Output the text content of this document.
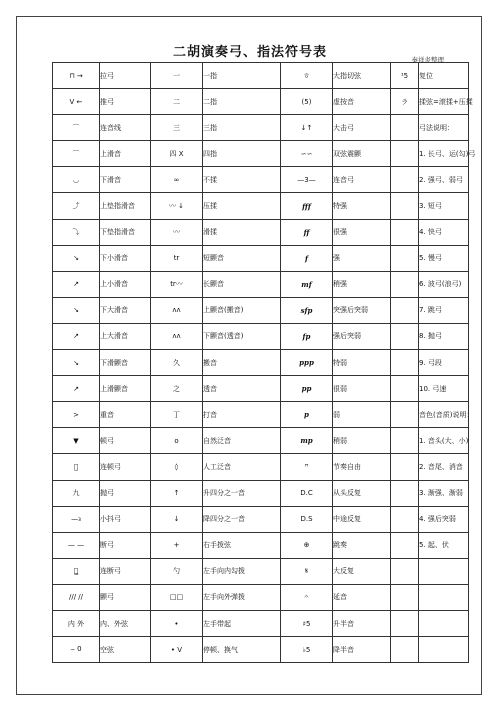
二胡演奏弓、指法符号表	秦祥炎整理
⊓ →	拉弓	一	一指	ㅎ	大指切弦	¹5	复位
V ←	推弓	二	二指	(5)	虚按音	ラ	揉弦=滚揉+压揉
⌒	连音线	三	三指	↓↑	大击弓		弓法说明：
⌒	上滑音	四 X	四指	∽∽	双弦震颤		1. 长弓、运(勾)弓
◡	下滑音	∞	不揉	—3—	连音弓		2. 强弓、弱弓
⤴	上垫指滑音	〰 ↓	压揉	fff	特强		3. 短弓
⤵	下垫指滑音	〰	滑揉	ff	很强		4. 快弓
↘	下小滑音	tr	短颤音	f	强		5. 慢弓
↗	上小滑音	tr〰	长颤音	mf	稍强		6. 波弓(浪弓)
↘	下大滑音	ᴧᴧ	上颤音(搬音)	sfp	突强后突弱		7. 跳弓
↗	上大滑音	ᴧᴧ	下颤音(透音)	fp	强后突弱		8. 抛弓
↘	下滑颤音	久	搬音	ppp	特弱		9. 弓段
↗	上滑颤音	之	透音	pp	很弱		10. 弓速
>	重音	丁	打音	p	弱		音色(音质)说明：
▼	顿弓	o	自然泛音	mp	稍弱		1. 音头(大、小)
⌒̣	连顿弓	◊	人工泛音	ꟸ	节奏自由		2. 音尾、消音
九	抛弓	↑	升四分之一音	D.C	从头反复		3. 渐强、渐弱
—₃	小抖弓	↓	降四分之一音	D.S	中途反复		4. 强后突弱
— —	断弓	+	右手拨弦	⊕	跳奏		5. 起、伏
⌒̳	连断弓	勺	左手向内勾拨	𝄋	大反复		
/// //	颤弓	□□	左手向外弹拨	𝄐	延音		
内 外	内、外弦	•	左手带起	♯5	升半音		
⌢ 0	空弦	• V	停顿、换气	♭5	降半音		
